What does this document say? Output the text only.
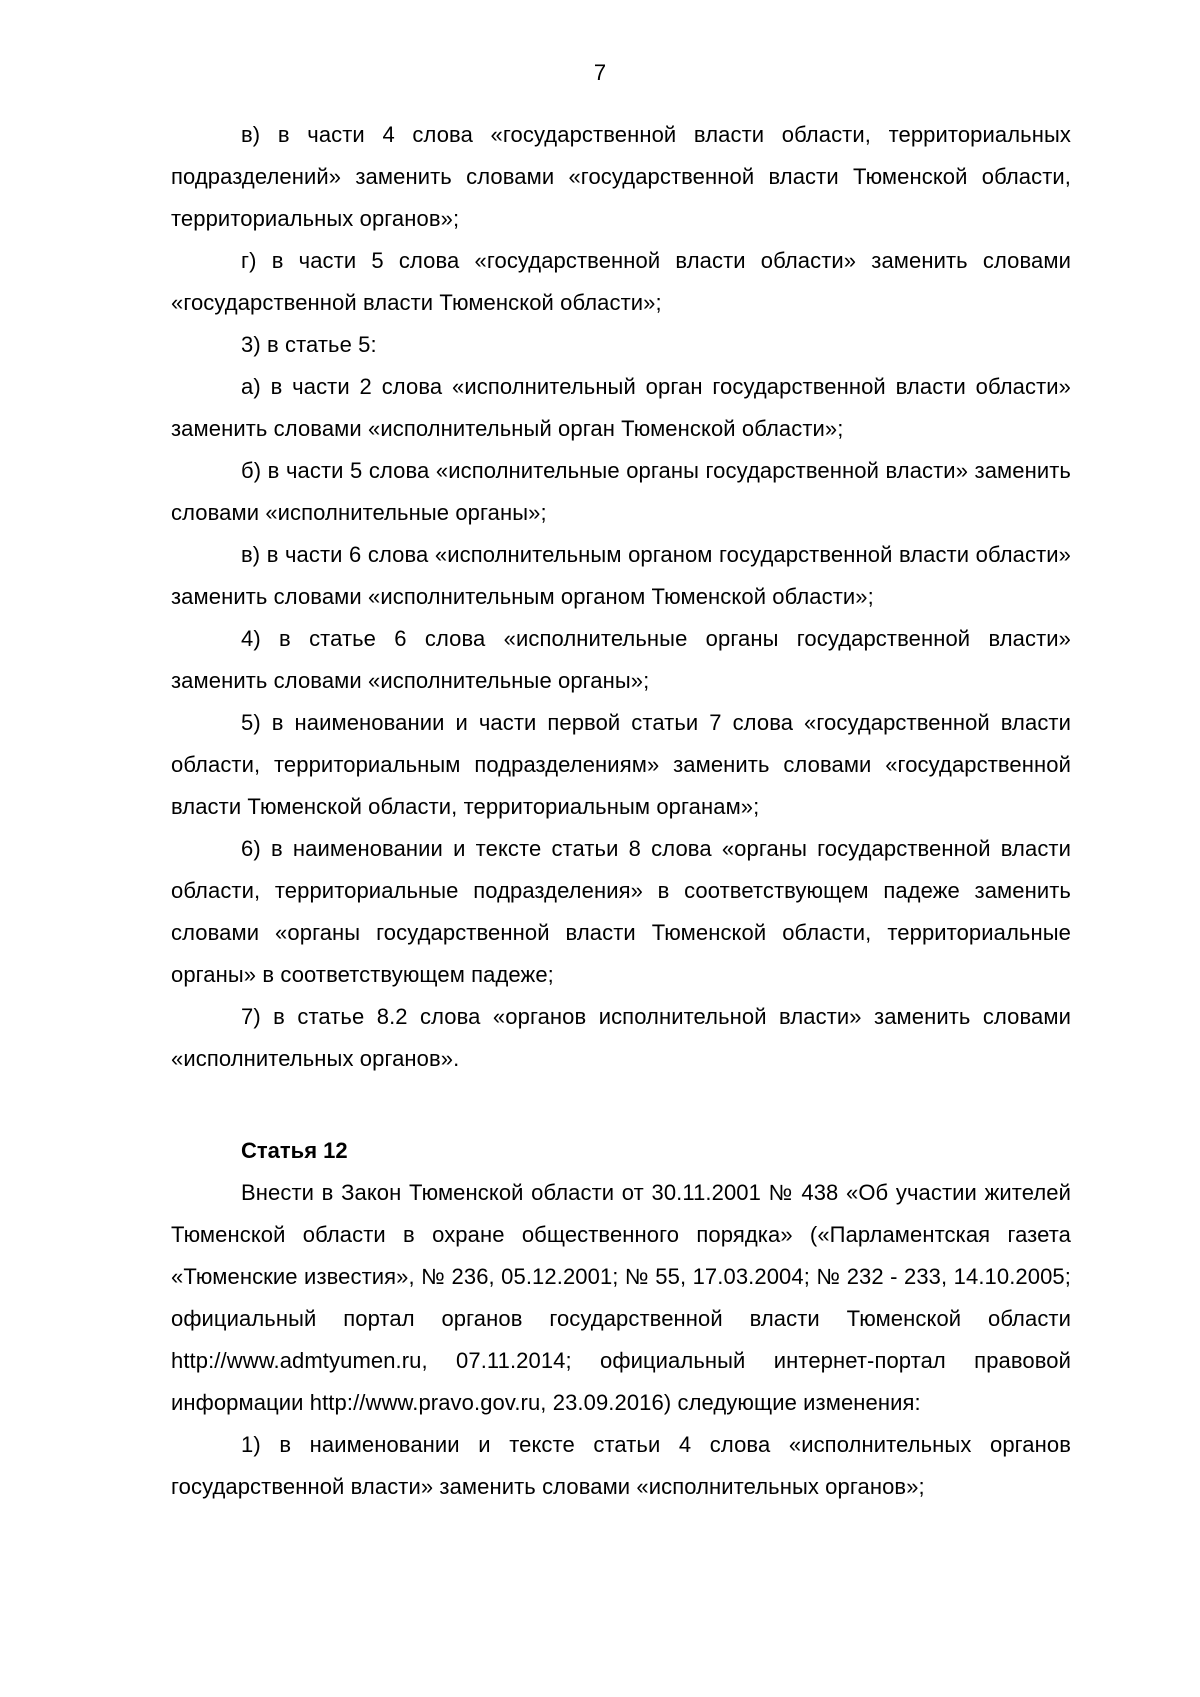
7

в) в части 4 слова «государственной власти области, территориальных подразделений» заменить словами «государственной власти Тюменской области, территориальных органов»;

г) в части 5 слова «государственной власти области» заменить словами «государственной власти Тюменской области»;

3) в статье 5:

а) в части 2 слова «исполнительный орган государственной власти области» заменить словами «исполнительный орган Тюменской области»;

б) в части 5 слова «исполнительные органы государственной власти» заменить словами «исполнительные органы»;

в) в части 6 слова «исполнительным органом государственной власти области» заменить словами «исполнительным органом Тюменской области»;

4) в статье 6 слова «исполнительные органы государственной власти» заменить словами «исполнительные органы»;

5) в наименовании и части первой статьи 7 слова «государственной власти области, территориальным подразделениям» заменить словами «государственной власти Тюменской области, территориальным органам»;

6) в наименовании и тексте статьи 8 слова «органы государственной власти области, территориальные подразделения» в соответствующем падеже заменить словами «органы государственной власти Тюменской области, территориальные органы» в соответствующем падеже;

7) в статье 8.2 слова «органов исполнительной власти» заменить словами «исполнительных органов».

Статья 12

Внести в Закон Тюменской области от 30.11.2001 № 438 «Об участии жителей Тюменской области в охране общественного порядка» («Парламентская газета «Тюменские известия», № 236, 05.12.2001; № 55, 17.03.2004; № 232 - 233, 14.10.2005; официальный портал органов государственной власти Тюменской области http://www.admtyumen.ru, 07.11.2014; официальный интернет-портал правовой информации http://www.pravo.gov.ru, 23.09.2016) следующие изменения:

1) в наименовании и тексте статьи 4 слова «исполнительных органов государственной власти» заменить словами «исполнительных органов»;
